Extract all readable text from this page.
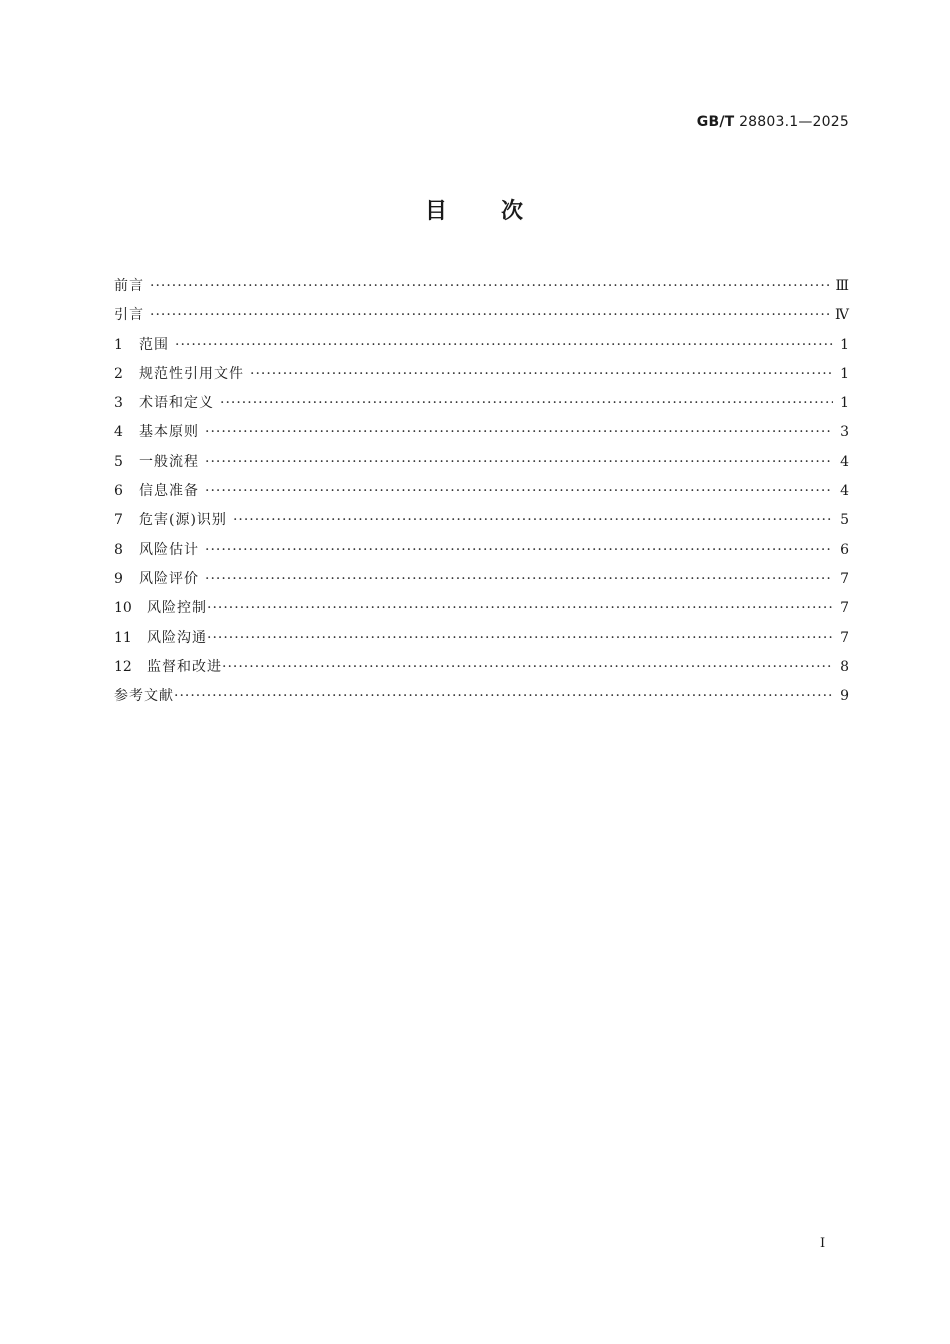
GB/T 28803.1—2025
目 次
前言 ·····	Ⅲ
引言 ·····	Ⅳ
1	范围 ·····	1
2	规范性引用文件 ·····	1
3	术语和定义 ·····	1
4	基本原则 ·····	3
5	一般流程 ·····	4
6	信息准备 ·····	4
7	危害(源)识别 ·····	5
8	风险估计 ·····	6
9	风险评价 ·····	7
10	风险控制 ·····	7
11	风险沟通 ·····	7
12	监督和改进 ·····	8
参考文献 ·····	9
Ⅰ
